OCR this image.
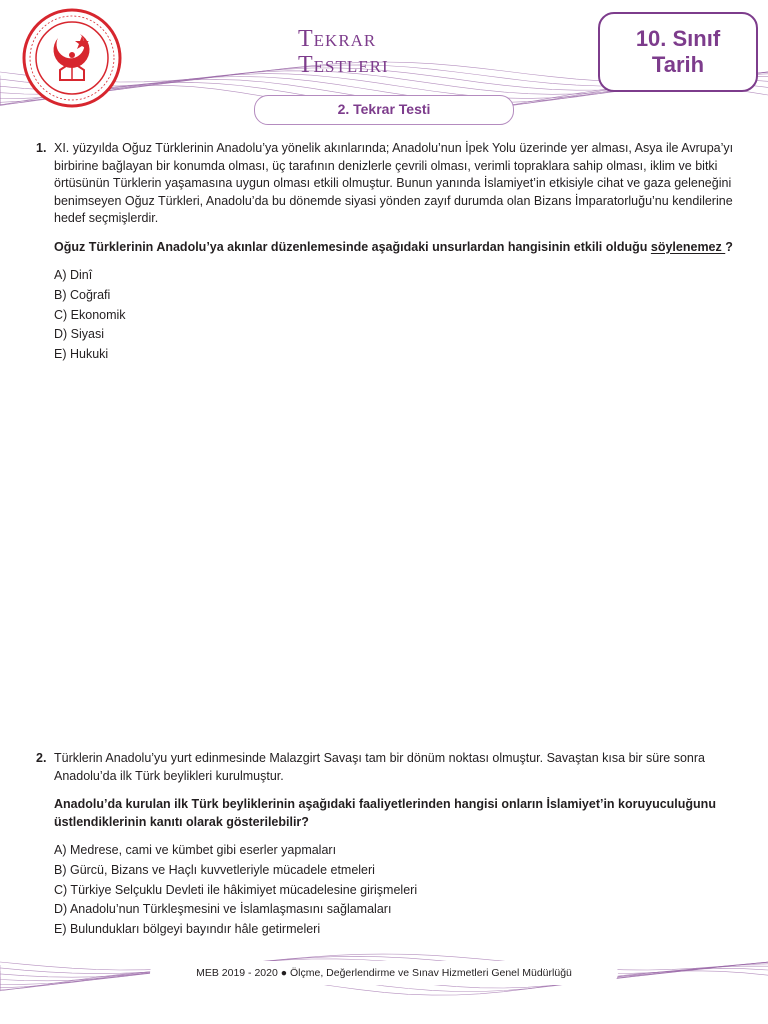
Tekrar
Testleri
10. Sınıf
Tarih
2. Tekrar Testi
1. XI. yüzyılda Oğuz Türklerinin Anadolu’ya yönelik akınlarında; Anadolu’nun İpek Yolu üzerinde yer alması, Asya ile Avrupa’yı birbirine bağlayan bir konumda olması, üç tarafının denizlerle çevrili olması, verimli topraklara sahip olması, iklim ve bitki örtüsünün Türklerin yaşamasına uygun olması etkili olmuştur. Bunun yanında İslamiyet’in etkisiyle cihat ve gaza geleneğini benimseyen Oğuz Türkleri, Anadolu’da bu dönemde siyasi yönden zayıf durumda olan Bizans İmparatorluğu’nu kendilerine hedef seçmişlerdir.

Oğuz Türklerinin Anadolu’ya akınlar düzenlemesinde aşağıdaki unsurlardan hangisinin etkili olduğu söylenemez ?

A) Dinî
B) Coğrafi
C) Ekonomik
D) Siyasi
E) Hukuki
2. Türklerin Anadolu’yu yurt edinmesinde Malazgirt Savaşı tam bir dönüm noktası olmuştur. Savaştan kısa bir süre sonra Anadolu’da ilk Türk beylikleri kurulmuştur.

Anadolu’da kurulan ilk Türk beyliklerinin aşağıdaki faaliyetlerinden hangisi onların İslamiyet’in koruyuculuğunu üstlendiklerinin kanıtı olarak gösterilebilir?

A) Medrese, cami ve kümbet gibi eserler yapmaları
B) Gürcü, Bizans ve Haçlı kuvvetleriyle mücadele etmeleri
C) Türkiye Selçuklu Devleti ile hâkimiyet mücadelesine girişmeleri
D) Anadolu’nun Türkleşmesini ve İslamlaşmasını sağlamaları
E) Bulundukları bölgeyi bayındır hâle getirmeleri
MEB 2019 - 2020 ● Ölçme, Değerlendirme ve Sınav Hizmetleri Genel Müdürlüğü
